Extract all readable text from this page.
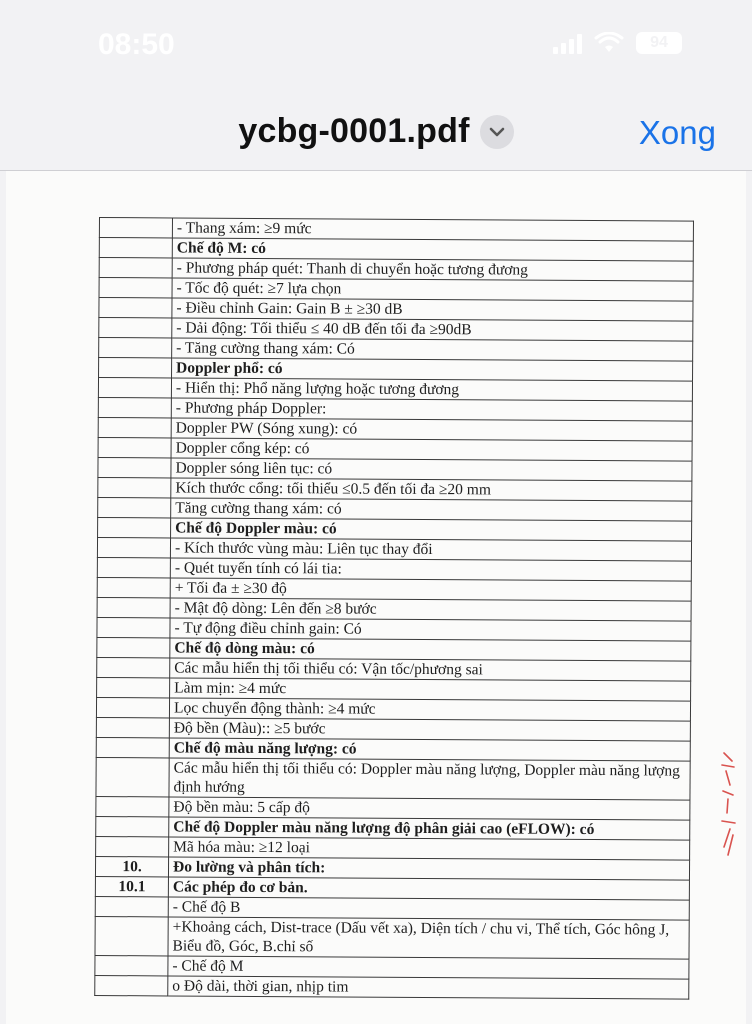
08:50	94
ycbg-0001.pdf	Xong
	- Thang xám: ≥9 mức
	Chế độ M: có
	- Phương pháp quét: Thanh di chuyển hoặc tương đương
	- Tốc độ quét: ≥7 lựa chọn
	- Điều chỉnh Gain: Gain B ± ≥30 dB
	- Dải động: Tối thiểu ≤ 40 dB đến tối đa ≥90dB
	- Tăng cường thang xám: Có
	Doppler phổ: có
	- Hiển thị: Phổ năng lượng hoặc tương đương
	- Phương pháp Doppler:
	Doppler PW (Sóng xung): có
	Doppler cổng kép: có
	Doppler sóng liên tục: có
	Kích thước cổng: tối thiểu ≤0.5 đến tối đa ≥20 mm
	Tăng cường thang xám: có
	Chế độ Doppler màu: có
	- Kích thước vùng màu: Liên tục thay đổi
	- Quét tuyến tính có lái tia:
	+ Tối đa ± ≥30 độ
	- Mật độ dòng: Lên đến ≥8 bước
	- Tự động điều chỉnh gain: Có
	Chế độ dòng màu: có
	Các mẫu hiển thị tối thiểu có: Vận tốc/phương sai
	Làm mịn: ≥4 mức
	Lọc chuyển động thành: ≥4 mức
	Độ bền (Màu):: ≥5 bước
	Chế độ màu năng lượng: có
	Các mẫu hiển thị tối thiểu có: Doppler màu năng lượng, Doppler màu năng lượng định hướng
	Độ bền màu: 5 cấp độ
	Chế độ Doppler màu năng lượng độ phân giải cao (eFLOW): có
	Mã hóa màu: ≥12 loại
10.	Đo lường và phân tích:
10.1	Các phép đo cơ bản.
	- Chế độ B
	+Khoảng cách, Dist-trace (Dấu vết xa), Diện tích / chu vi, Thể tích, Góc hông J, Biểu đồ, Góc, B.chỉ số
	- Chế độ M
	o Độ dài, thời gian, nhịp tim
